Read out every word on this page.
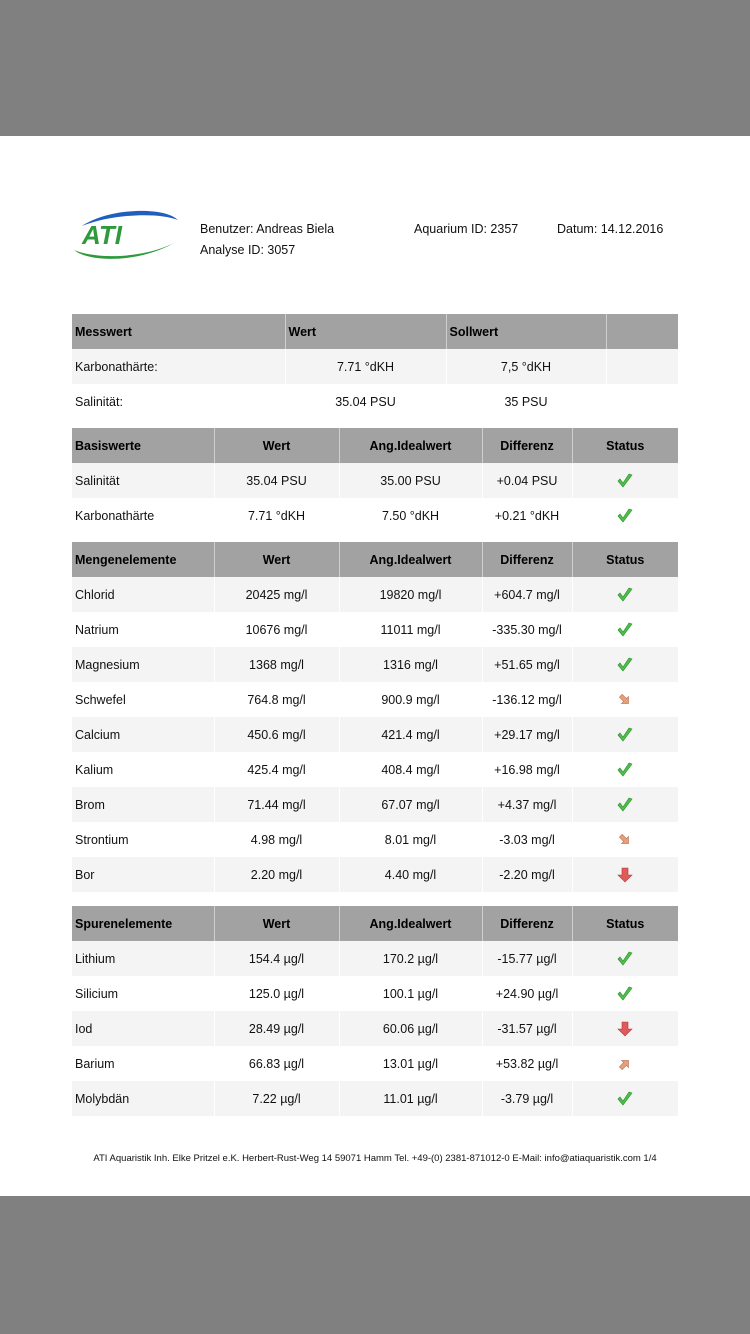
ATI	Benutzer: Andreas Biela
Analyse ID: 3057
Aquarium ID: 2357	Datum: 14.12.2016
Messwert	Wert	Sollwert	
Karbonathärte:	7.71 °dKH	7,5 °dKH	
Salinität:	35.04 PSU	35 PSU	
Basiswerte	Wert	Ang.Idealwert	Differenz	Status
Salinität	35.04 PSU	35.00 PSU	+0.04 PSU	
Karbonathärte	7.71 °dKH	7.50 °dKH	+0.21 °dKH	
Mengenelemente	Wert	Ang.Idealwert	Differenz	Status
Chlorid	20425 mg/l	19820 mg/l	+604.7 mg/l	
Natrium	10676 mg/l	11011 mg/l	-335.30 mg/l	
Magnesium	1368 mg/l	1316 mg/l	+51.65 mg/l	
Schwefel	764.8 mg/l	900.9 mg/l	-136.12 mg/l	
Calcium	450.6 mg/l	421.4 mg/l	+29.17 mg/l	
Kalium	425.4 mg/l	408.4 mg/l	+16.98 mg/l	
Brom	71.44 mg/l	67.07 mg/l	+4.37 mg/l	
Strontium	4.98 mg/l	8.01 mg/l	-3.03 mg/l	
Bor	2.20 mg/l	4.40 mg/l	-2.20 mg/l	
Spurenelemente	Wert	Ang.Idealwert	Differenz	Status
Lithium	154.4 µg/l	170.2 µg/l	-15.77 µg/l	
Silicium	125.0 µg/l	100.1 µg/l	+24.90 µg/l	
Iod	28.49 µg/l	60.06 µg/l	-31.57 µg/l	
Barium	66.83 µg/l	13.01 µg/l	+53.82 µg/l	
Molybdän	7.22 µg/l	11.01 µg/l	-3.79 µg/l	
ATI Aquaristik Inh. Elke Pritzel e.K. Herbert-Rust-Weg 14 59071 Hamm Tel. +49-(0) 2381-871012-0 E-Mail: info@atiaquaristik.com 1/4
